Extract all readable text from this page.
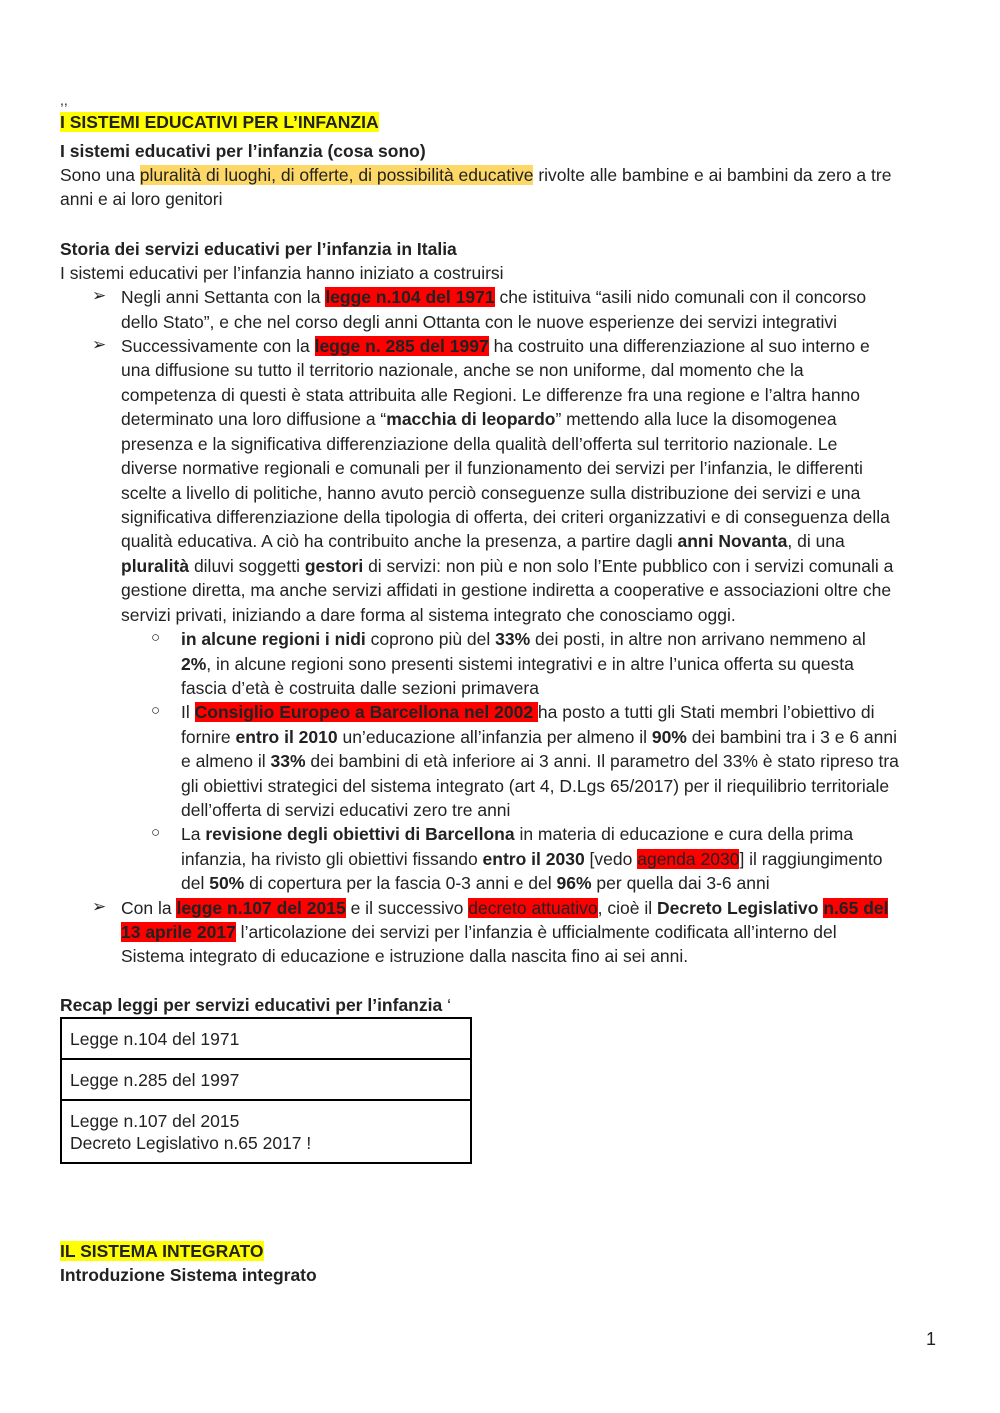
,,
I SISTEMI EDUCATIVI PER L’INFANZIA
I sistemi educativi per l’infanzia (cosa sono)
Sono una pluralità di luoghi, di offerte, di possibilità educative rivolte alle bambine e ai bambini da zero a tre
anni e ai loro genitori
Storia dei servizi educativi per l’infanzia in Italia
I sistemi educativi per l’infanzia hanno iniziato a costruirsi
➢ Negli anni Settanta con la legge n.104 del 1971 che istituiva “asili nido comunali con il concorso
dello Stato”, e che nel corso degli anni Ottanta con le nuove esperienze dei servizi integrativi
➢ Successivamente con la legge n. 285 del 1997 ha costruito una differenziazione al suo interno e
una diffusione su tutto il territorio nazionale, anche se non uniforme, dal momento che la
competenza di questi è stata attribuita alle Regioni. Le differenze fra una regione e l’altra hanno
determinato una loro diffusione a “macchia di leopardo” mettendo alla luce la disomogenea
presenza e la significativa differenziazione della qualità dell’offerta sul territorio nazionale. Le
diverse normative regionali e comunali per il funzionamento dei servizi per l’infanzia, le differenti
scelte a livello di politiche, hanno avuto perciò conseguenze sulla distribuzione dei servizi e una
significativa differenziazione della tipologia di offerta, dei criteri organizzativi e di conseguenza della
qualità educativa. A ciò ha contribuito anche la presenza, a partire dagli anni Novanta, di una
pluralità diluvi soggetti gestori di servizi: non più e non solo l’Ente pubblico con i servizi comunali a
gestione diretta, ma anche servizi affidati in gestione indiretta a cooperative e associazioni oltre che
servizi privati, iniziando a dare forma al sistema integrato che conosciamo oggi.
○ in alcune regioni i nidi coprono più del 33% dei posti, in altre non arrivano nemmeno al
2%, in alcune regioni sono presenti sistemi integrativi e in altre l’unica offerta su questa
fascia d’età è costruita dalle sezioni primavera
○ Il Consiglio Europeo a Barcellona nel 2002 ha posto a tutti gli Stati membri l’obiettivo di
fornire entro il 2010 un’educazione all’infanzia per almeno il 90% dei bambini tra i 3 e 6 anni
e almeno il 33% dei bambini di età inferiore ai 3 anni. Il parametro del 33% è stato ripreso tra
gli obiettivi strategici del sistema integrato (art 4, D.Lgs 65/2017) per il riequilibrio territoriale
dell’offerta di servizi educativi zero tre anni
○ La revisione degli obiettivi di Barcellona in materia di educazione e cura della prima
infanzia, ha rivisto gli obiettivi fissando entro il 2030 [vedo agenda 2030] il raggiungimento
del 50% di copertura per la fascia 0-3 anni e del 96% per quella dai 3-6 anni
➢ Con la legge n.107 del 2015 e il successivo decreto attuativo, cioè il Decreto Legislativo n.65 del
13 aprile 2017 l’articolazione dei servizi per l’infanzia è ufficialmente codificata all’interno del
Sistema integrato di educazione e istruzione dalla nascita fino ai sei anni.
Recap leggi per servizi educativi per l’infanzia ‘
Legge n.104 del 1971
Legge n.285 del 1997

Legge n.107 del 2015
Decreto Legislativo n.65 2017 !
IL SISTEMA INTEGRATO
Introduzione Sistema integrato
1
